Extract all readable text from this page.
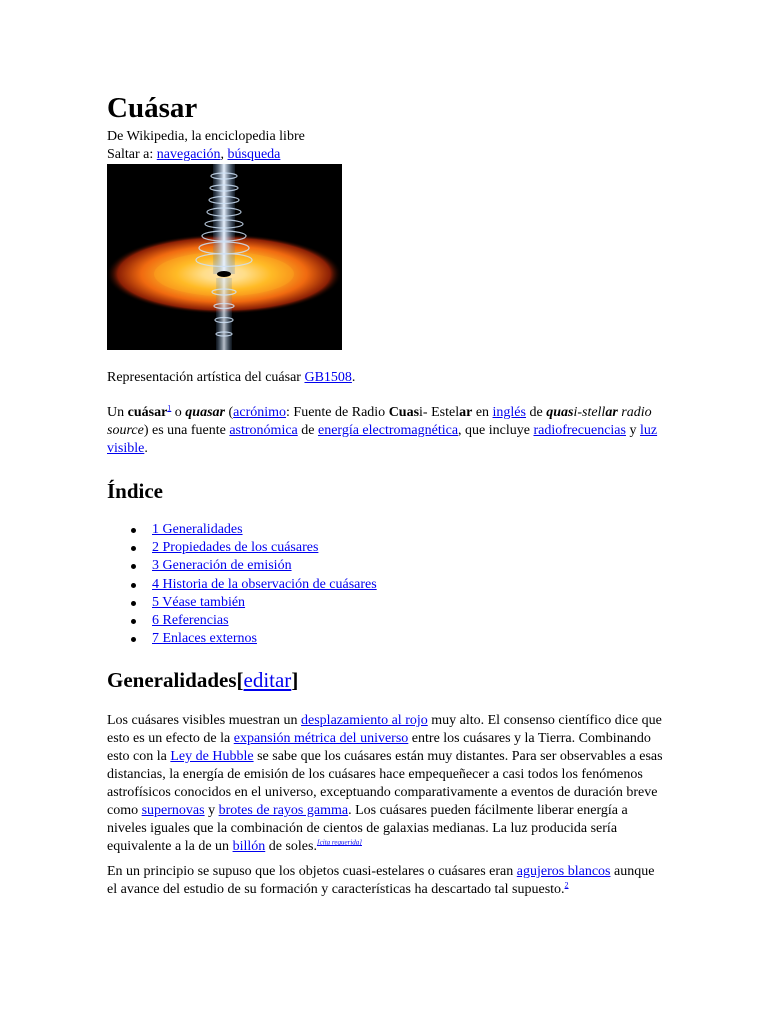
Cuásar

De Wikipedia, la enciclopedia libre

Saltar a: navegación, búsqueda

Representación artística del cuásar GB1508.

Un cuásar$^1$ o quasar (acrónimo: Fuente de Radio Cuasi- Estelar en inglés de quasi-stellar radio source) es una fuente astronómica de energía electromagnética, que incluye radiofrecuencias y luz visible.

Índice
1 Generalidades
2 Propiedades de los cuásares
3 Generación de emisión
4 Historia de la observación de cuásares
5 Véase también
6 Referencias
7 Enlaces externos
Generalidades[editar]

Los cuásares visibles muestran un desplazamiento al rojo muy alto. El consenso científico dice que esto es un efecto de la expansión métrica del universo entre los cuásares y la Tierra. Combinando esto con la Ley de Hubble se sabe que los cuásares están muy distantes. Para ser observables a esas distancias, la energía de emisión de los cuásares hace empequeñecer a casi todos los fenómenos astrofísicos conocidos en el universo, exceptuando comparativamente a eventos de duración breve como supernovas y brotes de rayos gamma. Los cuásares pueden fácilmente liberar energía a niveles iguales que la combinación de cientos de galaxias medianas. La luz producida sería equivalente a la de un billón de soles.[cita requerida]

En un principio se supuso que los objetos cuasi-estelares o cuásares eran agujeros blancos aunque el avance del estudio de su formación y características ha descartado tal supuesto.$^2$
